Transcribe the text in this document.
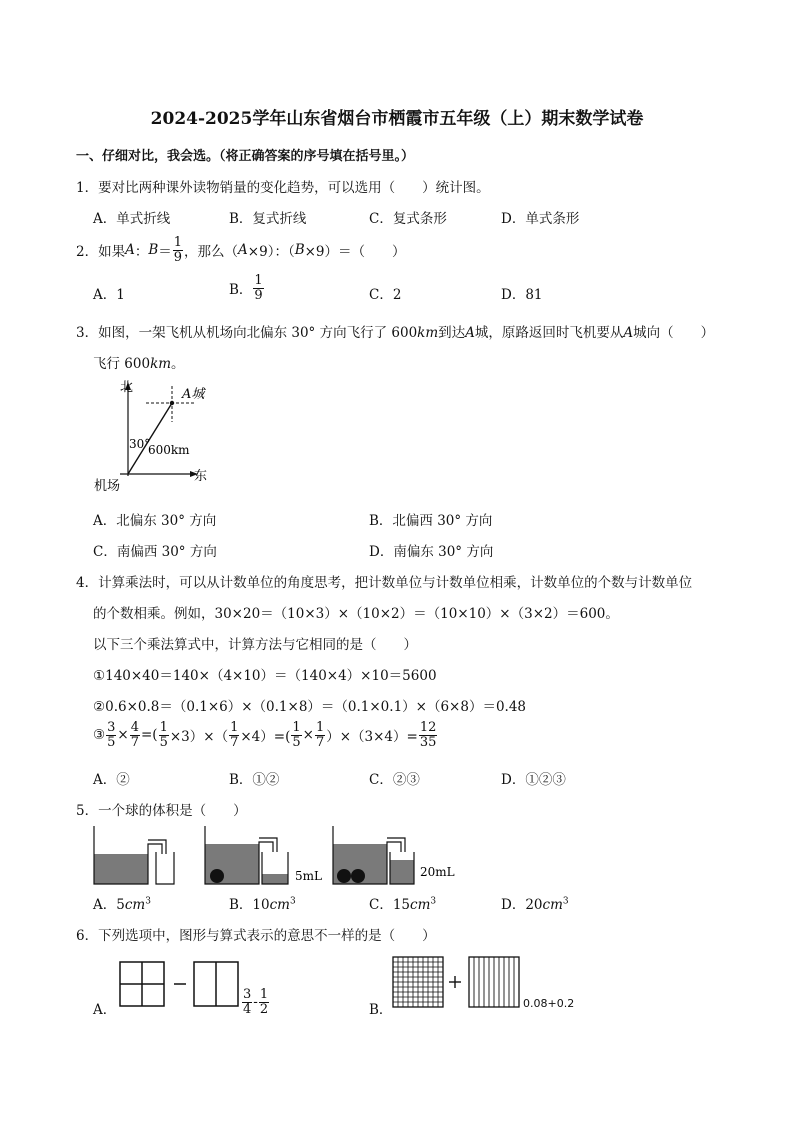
2024-2025学年山东省烟台市栖霞市五年级（上）期末数学试卷
一、仔细对比，我会选。（将正确答案的序号填在括号里。）
1．要对比两种课外读物销量的变化趋势，可以选用（　　）统计图。
A．单式折线	B．复式折线	C．复式条形	D．单式条形
2．如果 A ： $B = \frac{1}{9}$ ，那么（ A ×9）：（ B ×9）＝（　　）
A．1	B． $\frac{1}{9}$	C．2	D．81
3．如图，一架飞机从机场向北偏东 30° 方向飞行了 600km到达A城，原路返回时飞机要从A城向（　　）
飞行 600km。
北
东
机场
A城
30°
600km
A．北偏东 30° 方向	B．北偏西 30° 方向
C．南偏西 30° 方向	D．南偏东 30° 方向
4．计算乘法时，可以从计数单位的角度思考，把计数单位与计数单位相乘，计数单位的个数与计数单位
的个数相乘。例如，30×20＝（10×3）×（10×2）＝（10×10）×（3×2）＝600。
以下三个乘法算式中，计算方法与它相同的是（　　）
①140×40＝140×（4×10）＝（140×4）×10＝5600
②0.6×0.8＝（0.1×6）×（0.1×8）＝（0.1×0.1）×（6×8）＝0.48
③ $\frac{3}{5} \times \frac{4}{7}$ =( $\frac{1}{5} \times 3)\times( \frac{1}{7} \times 4)=( \frac{1}{5} \times \frac{1}{7} )\times(3\times 4)= \frac{12}{35}$
A．②	B．①②	C．②③	D．①②③
5．一个球的体积是（　　）
5mL	20mL
A．$5cm^3$	B．$10cm^3$	C．$15cm^3$	D．$20cm^3$
6．下列选项中，图形与算式表示的意思不一样的是（　　）
A．	$\frac{3}{4} - \frac{1}{2}$	B．	0.08+0.2
